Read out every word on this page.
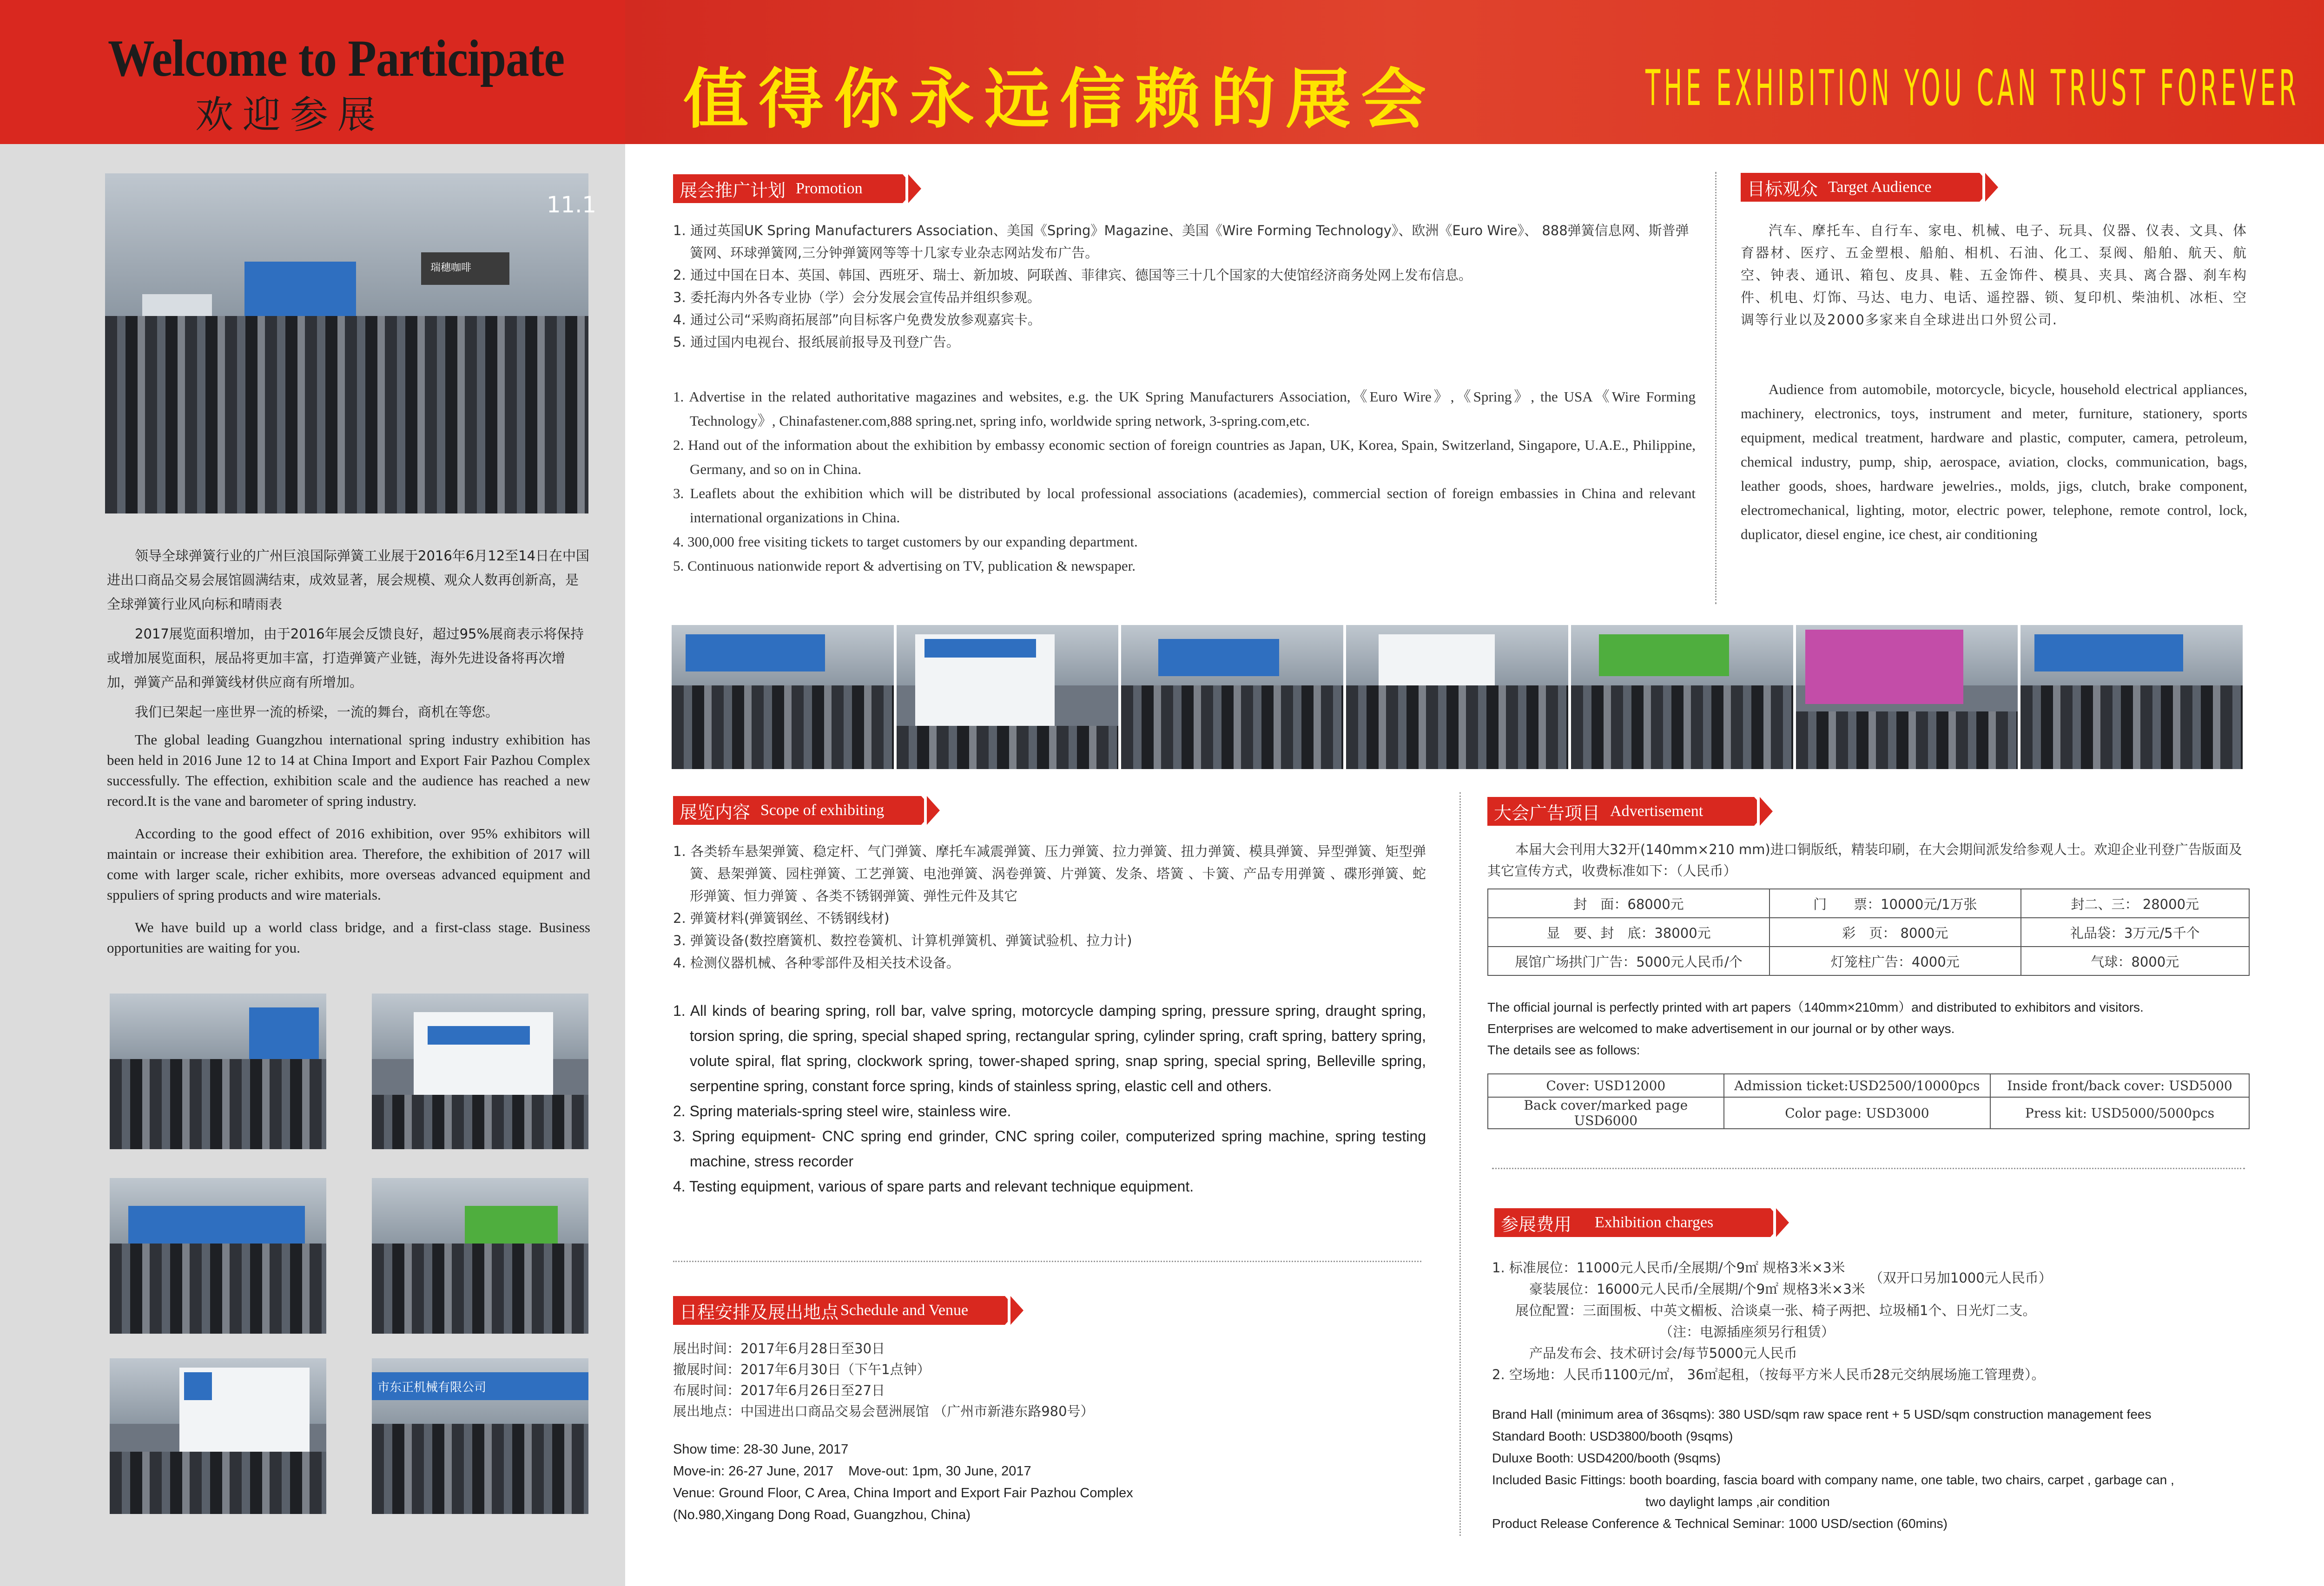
Welcome to Participate
欢迎参展	值得你永远信赖的展会	THE EXHIBITION YOU CAN TRUST FOREVER
瑞穗咖啡
11.1

领导全球弹簧行业的广州巨浪国际弹簧工业展于2016年6月12至14日在中国进出口商品交易会展馆圆满结束，成效显著，展会规模、观众人数再创新高，是全球弹簧行业风向标和晴雨表

2017展览面积增加，由于2016年展会反馈良好，超过95%展商表示将保持或增加展览面积，展品将更加丰富，打造弹簧产业链，海外先进设备将再次增加，弹簧产品和弹簧线材供应商有所增加。

我们已架起一座世界一流的桥梁，一流的舞台，商机在等您。

The global leading Guangzhou international spring industry exhibition has been held in 2016 June 12 to 14 at China Import and Export Fair Pazhou Complex successfully. The effection, exhibition scale and the audience has reached a new record.It is the vane and barometer of spring industry.

According to the good effect of 2016 exhibition, over 95% exhibitors will maintain or increase their exhibition area. Therefore, the exhibition of 2017 will come with larger scale, richer exhibits, more overseas advanced equipment and sppuliers of spring products and wire materials.

We have build up a world class bridge, and a first-class stage. Business opportunities are waiting for you.

市东正机械有限公司
展会推广计划 Promotion
1. 通过英国UK Spring Manufacturers Association、美国《Spring》Magazine、美国《Wire Forming Technology》、欧洲《Euro Wire》、 888弹簧信息网、斯普弹簧网、环球弹簧网,三分钟弹簧网等等十几家专业杂志网站发布广告。
2. 通过中国在日本、英国、韩国、西班牙、瑞士、新加坡、阿联酋、菲律宾、德国等三十几个国家的大使馆经济商务处网上发布信息。
3. 委托海内外各专业协（学）会分发展会宣传品并组织参观。
4. 通过公司“采购商拓展部”向目标客户免费发放参观嘉宾卡。
5. 通过国内电视台、报纸展前报导及刊登广告。
1. Advertise in the related authoritative magazines and websites, e.g. the UK Spring Manufacturers Association,《Euro Wire》,《Spring》, the USA《Wire Forming Technology》, Chinafastener.com,888 spring.net, spring info, worldwide spring network, 3-spring.com,etc.
2. Hand out of the information about the exhibition by embassy economic section of foreign countries as Japan, UK, Korea, Spain, Switzerland, Singapore, U.A.E., Philippine, Germany, and so on in China.
3. Leaflets about the exhibition which will be distributed by local professional associations (academies), commercial section of foreign embassies in China and relevant international organizations in China.
4. 300,000 free visiting tickets to target customers by our expanding department.
5. Continuous nationwide report & advertising on TV, publication & newspaper.
目标观众 Target Audience
汽车、摩托车、自行车、家电、机械、电子、玩具、仪器、仪表、文具、体育器材、医疗、五金塑根、船舶、相机、石油、化工、泵阀、船舶、航天、航空、钟表、通讯、箱包、皮具、鞋、五金饰件、模具、夹具、离合器、刹车构件、机电、灯饰、马达、电力、电话、遥控器、锁、复印机、柴油机、冰柜、空调等行业以及2000多家来自全球进出口外贸公司.
Audience from automobile, motorcycle, bicycle, household electrical appliances, machinery, electronics, toys, instrument and meter, furniture, stationery, sports equipment, medical treatment, hardware and plastic, computer, camera, petroleum, chemical industry, pump, ship, aerospace, aviation, clocks, communication, bags, leather goods, shoes, hardware jewelries., molds, jigs, clutch, brake component, electromechanical, lighting, motor, electric power, telephone, remote control, lock, duplicator, diesel engine, ice chest, air conditioning
展览内容 Scope of exhibiting
1. 各类轿车悬架弹簧、稳定杆、气门弹簧、摩托车减震弹簧、压力弹簧、拉力弹簧、扭力弹簧、模具弹簧、异型弹簧、矩型弹簧、悬架弹簧、园柱弹簧、工艺弹簧、电池弹簧、涡卷弹簧、片弹簧、发条、塔簧 、卡簧、产品专用弹簧 、碟形弹簧、蛇形弹簧、恒力弹簧 、各类不锈钢弹簧、弹性元件及其它
2. 弹簧材料(弹簧钢丝、不锈钢线材)
3. 弹簧设备(数控磨簧机、数控卷簧机、计算机弹簧机、弹簧试验机、拉力计)
4. 检测仪器机械、各种零部件及相关技术设备。
1. All kinds of bearing spring, roll bar, valve spring, motorcycle damping spring, pressure spring, draught spring, torsion spring, die spring, special shaped spring, rectangular spring, cylinder spring, craft spring, battery spring, volute spiral, flat spring, clockwork spring, tower-shaped spring, snap spring, special spring, Belleville spring, serpentine spring, constant force spring, kinds of stainless spring, elastic cell and others.
2. Spring materials-spring steel wire, stainless wire.
3. Spring equipment- CNC spring end grinder, CNC spring coiler, computerized spring machine, spring testing machine, stress recorder
4. Testing equipment, various of spare parts and relevant technique equipment.
日程安排及展出地点 Schedule and Venue
展出时间：2017年6月28日至30日
撤展时间：2017年6月30日（下午1点钟）
布展时间：2017年6月26日至27日
展出地点：中国进出口商品交易会琶洲展馆 （广州市新港东路980号）
Show time: 28-30 June, 2017
Move-in: 26-27 June, 2017    Move-out: 1pm, 30 June, 2017
Venue: Ground Floor, C Area, China Import and Export Fair Pazhou Complex
(No.980,Xingang Dong Road, Guangzhou, China)
大会广告项目 Advertisement
本届大会刊用大32开(140mm×210 mm)进口铜版纸，精装印刷，在大会期间派发给参观人士。欢迎企业刊登广告版面及其它宣传方式，收费标准如下：（人民币）
封　面：68000元	门　　票：10000元/1万张	封二、三： 28000元
显　要、封　底：38000元	彩　页： 8000元	礼品袋：3万元/5千个
展馆广场拱门广告：5000元人民币/个	灯笼柱广告：4000元	气球：8000元
The official journal is perfectly printed with art papers（140mm×210mm）and distributed to exhibitors and visitors.
Enterprises are welcomed to make advertisement in our journal or by other ways.
The details see as follows:
Cover: USD12000	Admission ticket:USD2500/10000pcs	Inside front/back cover: USD5000
Back cover/marked page USD6000	Color page: USD3000	Press kit: USD5000/5000pcs
参展费用 Exhibition charges
1. 标准展位：11000元人民币/全展期/个9㎡ 规格3米×3米
豪装展位：16000元人民币/全展期/个9㎡ 规格3米×3米 （双开口另加1000元人民币）
展位配置：三面围板、中英文楣板、洽谈桌一张、椅子两把、垃圾桶1个、日光灯二支。
（注：电源插座须另行租赁）
产品发布会、技术研讨会/每节5000元人民币
2. 空场地：人民币1100元/㎡， 36㎡起租，（按每平方米人民币28元交纳展场施工管理费）。
Brand Hall (minimum area of 36sqms): 380 USD/sqm raw space rent + 5 USD/sqm construction management fees
Standard Booth: USD3800/booth (9sqms)
Duluxe Booth: USD4200/booth (9sqms)
Included Basic Fittings: booth boarding, fascia board with company name, one table, two chairs, carpet , garbage can ,
two daylight lamps ,air condition
Product Release Conference & Technical Seminar: 1000 USD/section (60mins)
